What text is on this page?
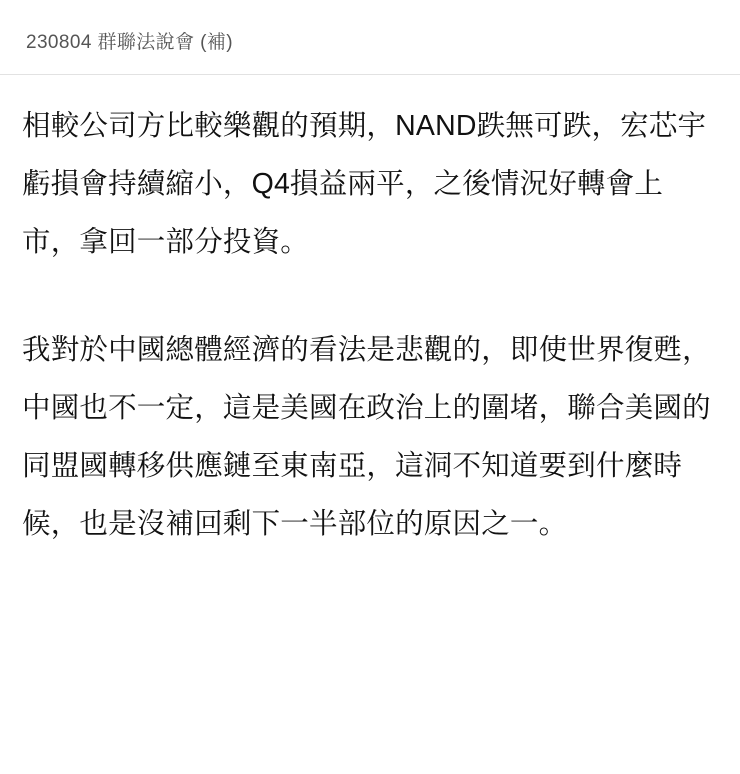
230804 群聯法說會 (補)

相較公司方比較樂觀的預期，NAND跌無可跌，宏芯宇虧損會持續縮小，Q4損益兩平，之後情況好轉會上市，拿回一部分投資。

我對於中國總體經濟的看法是悲觀的，即使世界復甦，中國也不一定，這是美國在政治上的圍堵，聯合美國的同盟國轉移供應鏈至東南亞，這洞不知道要到什麼時候，也是沒補回剩下一半部位的原因之一。
